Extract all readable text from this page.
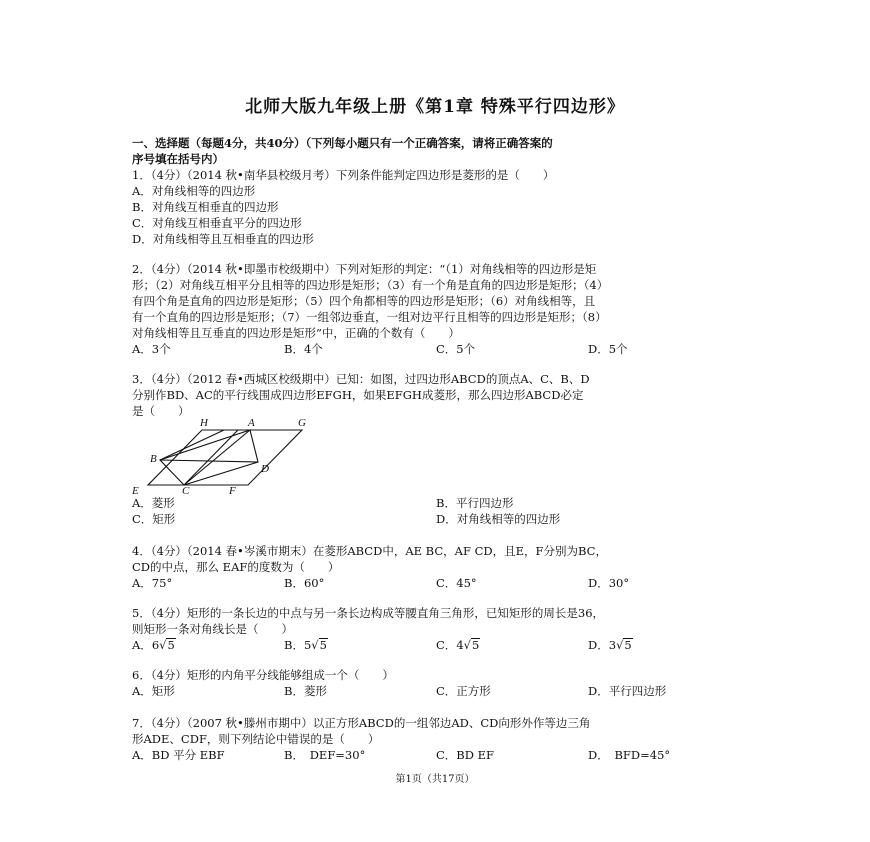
北师大版九年级上册《第1章 特殊平行四边形》
一、选择题（每题4分，共40分）（下列每小题只有一个正确答案，请将正确答案的
序号填在括号内）
1．（4分）（2014 秋•南华县校级月考）下列条件能判定四边形是菱形的是（　　）
A．对角线相等的四边形
B．对角线互相垂直的四边形
C．对角线互相垂直平分的四边形
D．对角线相等且互相垂直的四边形
2．（4分）（2014 秋•即墨市校级期中）下列对矩形的判定：“（1）对角线相等的四边形是矩
形；（2）对角线互相平分且相等的四边形是矩形；（3）有一个角是直角的四边形是矩形；（4）
有四个角是直角的四边形是矩形；（5）四个角都相等的四边形是矩形；（6）对角线相等，且
有一个直角的四边形是矩形；（7）一组邻边垂直，一组对边平行且相等的四边形是矩形；（8）
对角线相等且互垂直的四边形是矩形”中，正确的个数有（　　）
A．3个	B．4个	C．5个	D．5个
3．（4分）（2012 春•西城区校级期中）已知：如图，过四边形ABCD的顶点A、C、B、D
分别作BD、AC的平行线围成四边形EFGH，如果EFGH成菱形，那么四边形ABCD必定
是（　　）
H	A	G
B
D
E	C	F
A．菱形	B．平行四边形
C．矩形	D．对角线相等的四边形
4．（4分）（2014 春•岑溪市期末）在菱形ABCD中，AE BC，AF CD，且E，F分别为BC，
CD的中点，那么 EAF的度数为（　　）
A．75°	B．60°	C．45°	D．30°
5．（4分）矩形的一条长边的中点与另一条长边构成等腰直角三角形，已知矩形的周长是36，
则矩形一条对角线长是（　　）
A．6√5	B．5√5	C．4√5	D．3√5
6．（4分）矩形的内角平分线能够组成一个（　　）
A．矩形	B．菱形	C．正方形	D．平行四边形
7．（4分）（2007 秋•滕州市期中）以正方形ABCD的一组邻边AD、CD向形外作等边三角
形ADE、CDF，则下列结论中错误的是（　　）
A．BD 平分 EBF	B．　DEF=30°	C．BD EF	D．　BFD=45°
第1页（共17页）
